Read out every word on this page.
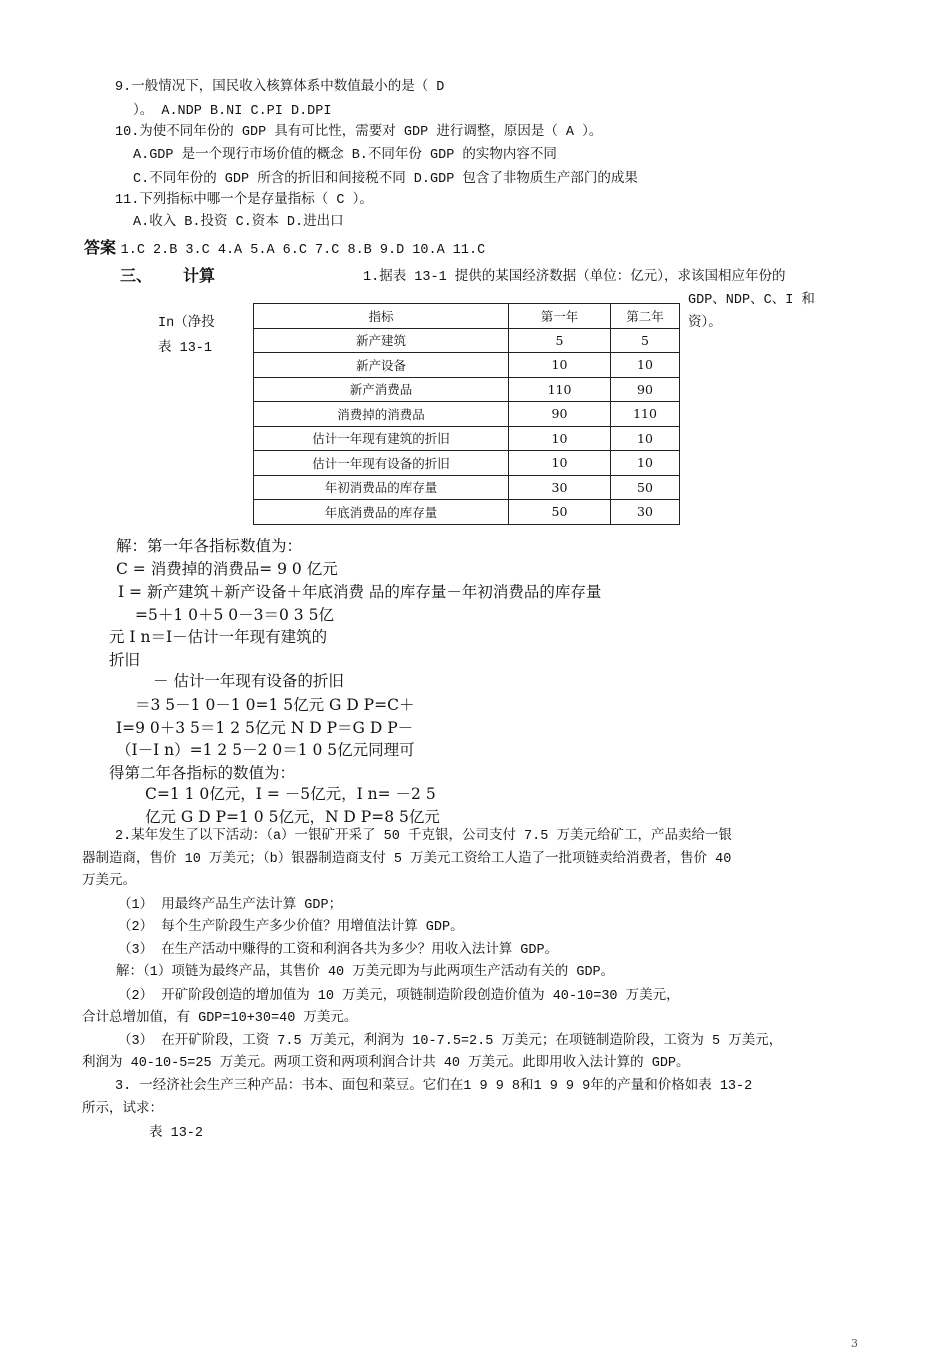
9.一般情况下，国民收入核算体系中数值最小的是（ D
）。 A.NDP B.NI C.PI D.DPI
10.为使不同年份的 GDP 具有可比性，需要对 GDP 进行调整，原因是（ A ）。
A.GDP 是一个现行市场价值的概念 B.不同年份 GDP 的实物内容不同
C.不同年份的 GDP 所含的折旧和间接税不同 D.GDP 包含了非物质生产部门的成果
11.下列指标中哪一个是存量指标（ C ）。
A.收入 B.投资 C.资本 D.进出口
答案 1.C 2.B 3.C 4.A 5.A 6.C 7.C 8.B 9.D 10.A 11.C
三、 计算	1.据表 13-1 提供的某国经济数据（单位：亿元），求该国相应年份的
GDP、NDP、C、I 和
资）。
In（净投
表 13-1
指标	第一年	第二年
新产建筑	5	5
新产设备	10	10
新产消费品	110	90
消费掉的消费品	90	110
估计一年现有建筑的折旧	10	10
估计一年现有设备的折旧	10	10
年初消费品的库存量	30	50
年底消费品的库存量	50	30
解：第一年各指标数值为：
C = 消费掉的消费品= 9 0 亿元
I = 新产建筑＋新产设备＋年底消费 品的库存量－年初消费品的库存量
=5＋1 0＋5 0－3＝0 3 5亿
元 I n＝I－估计一年现有建筑的
折旧
－ 估计一年现有设备的折旧
＝3 5－1 0－1 0=1 5亿元 G D P=C＋
I=9 0＋3 5＝1 2 5亿元 N D P＝G D P－
（I－I n）=1 2 5－2 0＝1 0 5亿元同理可
得第二年各指标的数值为：
C=1 1 0亿元，I = －5亿元，I n= －2 5
亿元 G D P=1 0 5亿元，N D P=8 5亿元
2.某年发生了以下活动：（a）一银矿开采了 50 千克银，公司支付 7.5 万美元给矿工，产品卖给一银
器制造商，售价 10 万美元；（b）银器制造商支付 5 万美元工资给工人造了一批项链卖给消费者，售价 40
万美元。
（1） 用最终产品生产法计算 GDP；
（2） 每个生产阶段生产多少价值？用增值法计算 GDP。
（3） 在生产活动中赚得的工资和利润各共为多少？用收入法计算 GDP。
解：（1）项链为最终产品，其售价 40 万美元即为与此两项生产活动有关的 GDP。
（2） 开矿阶段创造的增加值为 10 万美元，项链制造阶段创造价值为 40-10=30 万美元，
合计总增加值，有 GDP=10+30=40 万美元。
（3） 在开矿阶段，工资 7.5 万美元，利润为 10-7.5=2.5 万美元；在项链制造阶段，工资为 5 万美元，
利润为 40-10-5=25 万美元。两项工资和两项利润合计共 40 万美元。此即用收入法计算的 GDP。
3. 一经济社会生产三种产品：书本、面包和菜豆。它们在1 9 9 8和1 9 9 9年的产量和价格如表 13-2
所示，试求：
表 13-2
3
